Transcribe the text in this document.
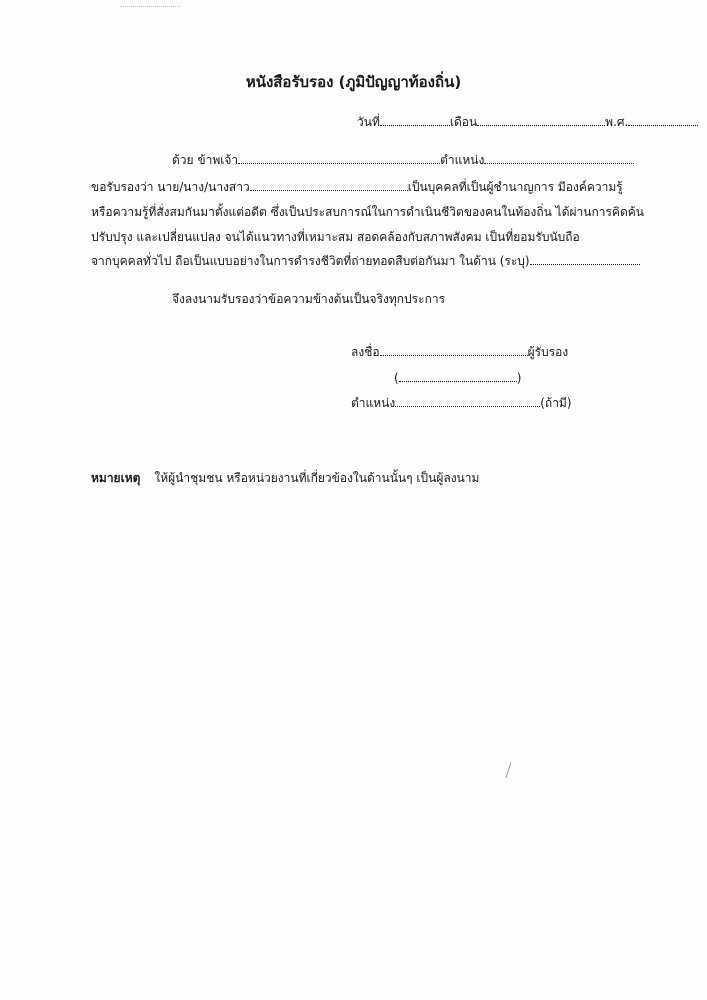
หนังสือรับรอง (ภูมิปัญญาท้องถิ่น)
วันที่	เดือน	พ.ศ.
ด้วย ข้าพเจ้า	ตำแหน่ง
ขอรับรองว่า นาย/นาง/นางสาว	เป็นบุคคลที่เป็นผู้ชำนาญการ มีองค์ความรู้
หรือความรู้ที่สั่งสมกันมาตั้งแต่อดีต ซึ่งเป็นประสบการณ์ในการดำเนินชีวิตของคนในท้องถิ่น ได้ผ่านการคิดค้น
ปรับปรุง และเปลี่ยนแปลง จนได้แนวทางที่เหมาะสม สอดคล้องกับสภาพสังคม เป็นที่ยอมรับนับถือ
จากบุคคลทั่วไป ถือเป็นแบบอย่างในการดำรงชีวิตที่ถ่ายทอดสืบต่อกันมา ในด้าน (ระบุ)
จึงลงนามรับรองว่าข้อความข้างต้นเป็นจริงทุกประการ
ลงชื่อ	ผู้รับรอง
(	)
ตำแหน่ง	(ถ้ามี)
หมายเหตุ ให้ผู้นำชุมชน หรือหน่วยงานที่เกี่ยวข้องในด้านนั้นๆ เป็นผู้ลงนาม
